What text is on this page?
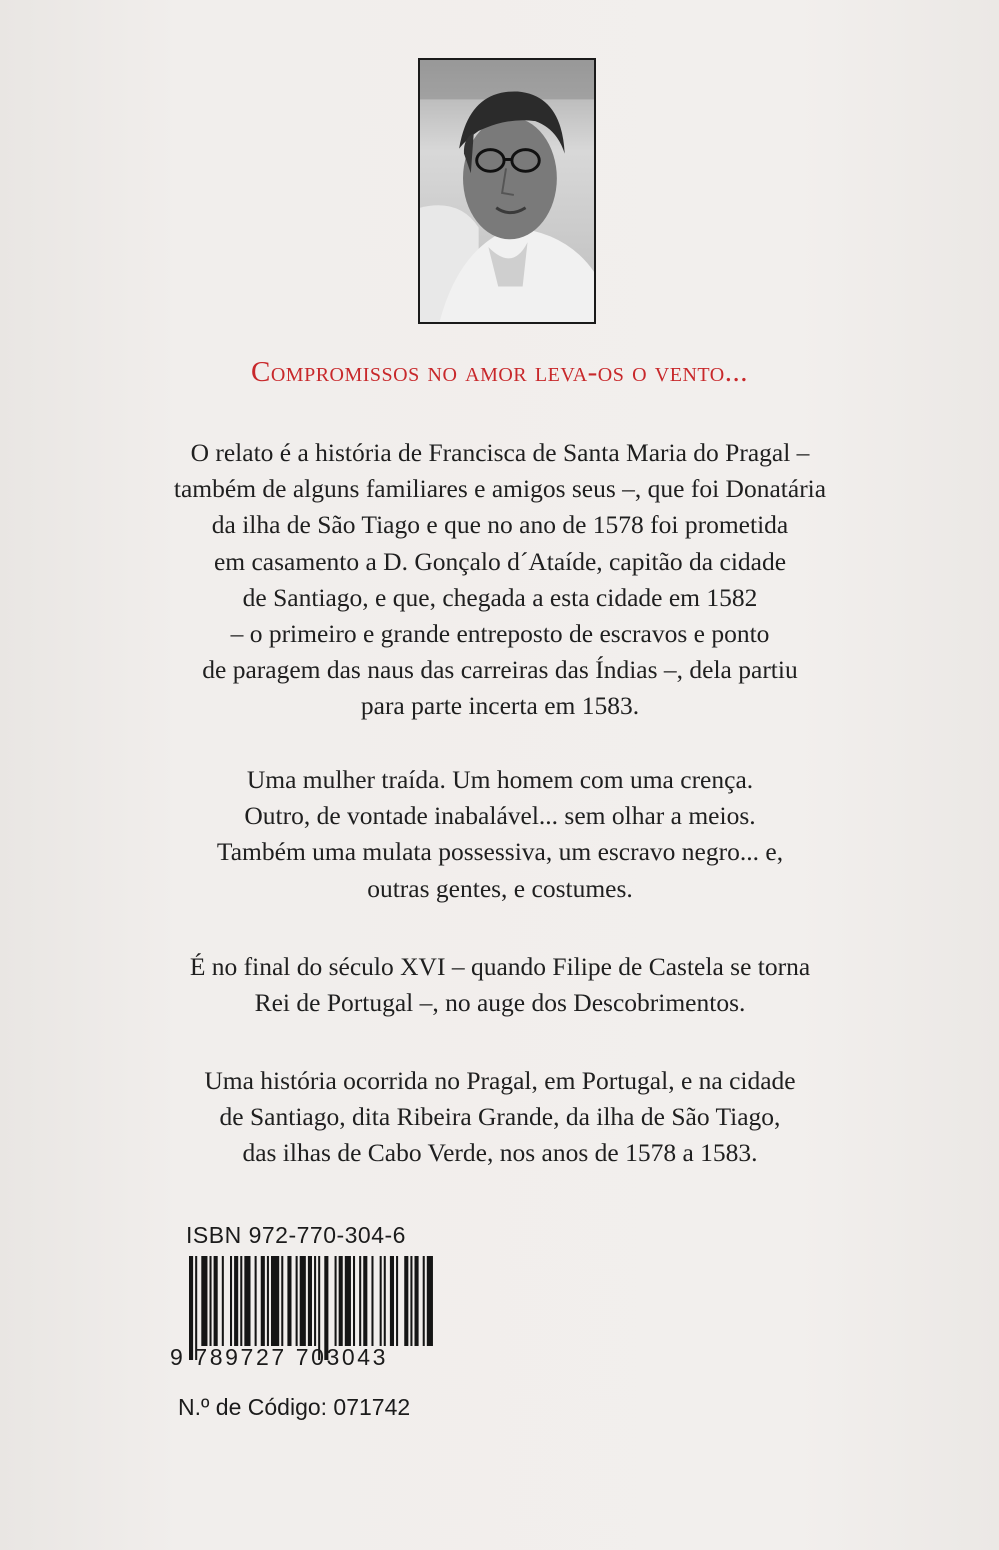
Compromissos no amor leva-os o vento...
O relato é a história de Francisca de Santa Maria do Pragal –
também de alguns familiares e amigos seus –, que foi Donatária
da ilha de São Tiago e que no ano de 1578 foi prometida
em casamento a D. Gonçalo d´Ataíde, capitão da cidade
de Santiago, e que, chegada a esta cidade em 1582
– o primeiro e grande entreposto de escravos e ponto
de paragem das naus das carreiras das Índias –, dela partiu
para parte incerta em 1583.
Uma mulher traída. Um homem com uma crença.
Outro, de vontade inabalável... sem olhar a meios.
Também uma mulata possessiva, um escravo negro... e,
outras gentes, e costumes.
É no final do século XVI – quando Filipe de Castela se torna
Rei de Portugal –, no auge dos Descobrimentos.
Uma história ocorrida no Pragal, em Portugal, e na cidade
de Santiago, dita Ribeira Grande, da ilha de São Tiago,
das ilhas de Cabo Verde, nos anos de 1578 a 1583.
ISBN 972-770-304-6
9 789727 703043
N.º de Código: 071742
